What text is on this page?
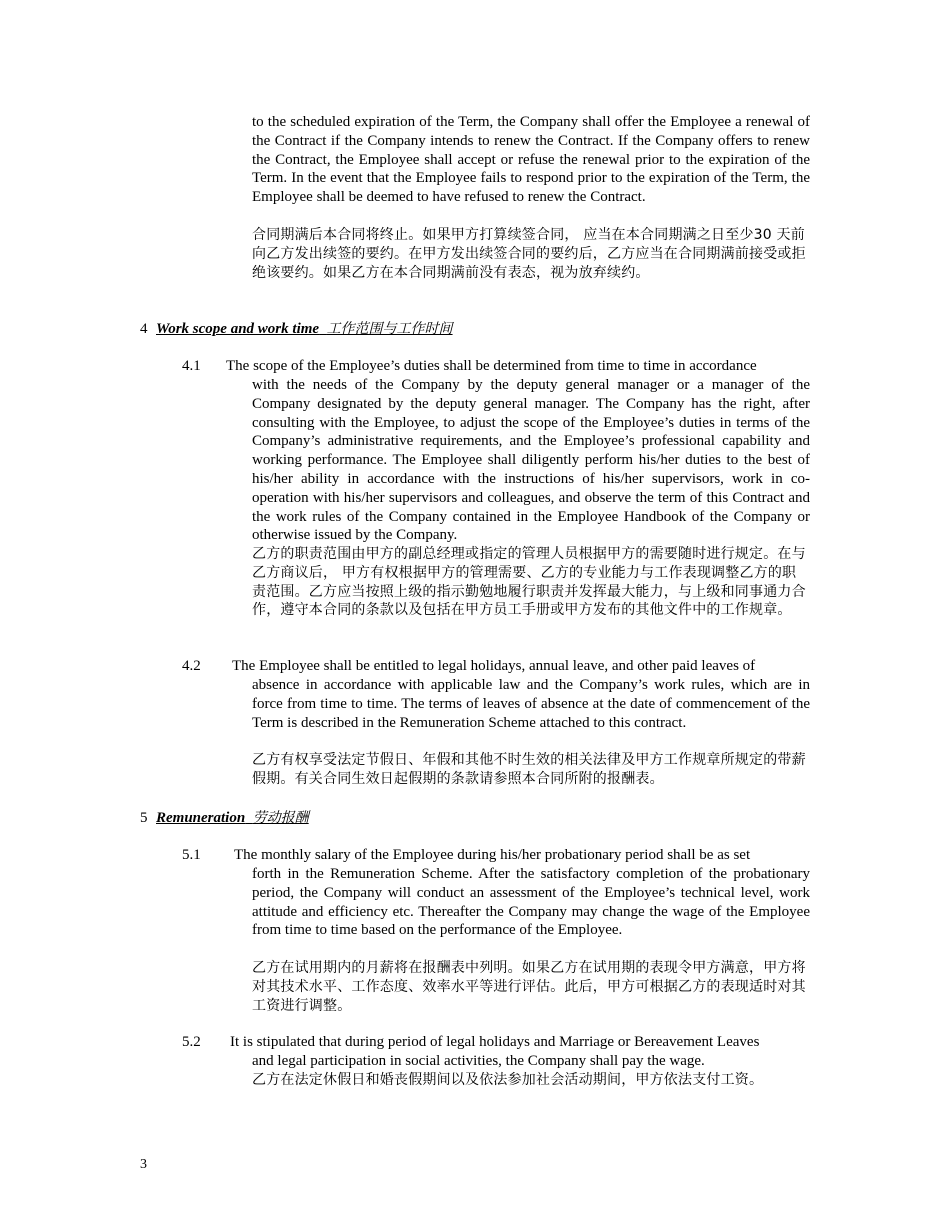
to the scheduled expiration of the Term, the Company shall offer the Employee a renewal of the Contract if the Company intends to renew the Contract. If the Company offers to renew the Contract, the Employee shall accept or refuse the renewal prior to the expiration of the Term. In the event that the Employee fails to respond prior to the expiration of the Term, the Employee shall be deemed to have refused to renew the Contract.
合同期满后本合同将终止。如果甲方打算续签合同， 应当在本合同期满之日至少30 天前向乙方发出续签的要约。在甲方发出续签合同的要约后，乙方应当在合同期满前接受或拒绝该要约。如果乙方在本合同期满前没有表态，视为放弃续约。
4 Work scope and work time 工作范围与工作时间
4.1 The scope of the Employee’s duties shall be determined from time to time in accordance
with the needs of the Company by the deputy general manager or a manager of the Company designated by the deputy general manager. The Company has the right, after consulting with the Employee, to adjust the scope of the Employee’s duties in terms of the Company’s administrative requirements, and the Employee’s professional capability and working performance. The Employee shall diligently perform his/her duties to the best of his/her ability in accordance with the instructions of his/her supervisors, work in co-operation with his/her supervisors and colleagues, and observe the term of this Contract and the work rules of the Company contained in the Employee Handbook of the Company or otherwise issued by the Company.
乙方的职责范围由甲方的副总经理或指定的管理人员根据甲方的需要随时进行规定。在与乙方商议后， 甲方有权根据甲方的管理需要、乙方的专业能力与工作表现调整乙方的职责范围。乙方应当按照上级的指示勤勉地履行职责并发挥最大能力，与上级和同事通力合作，遵守本合同的条款以及包括在甲方员工手册或甲方发布的其他文件中的工作规章。
4.2 The Employee shall be entitled to legal holidays, annual leave, and other paid leaves of
absence in accordance with applicable law and the Company’s work rules, which are in force from time to time. The terms of leaves of absence at the date of commencement of the Term is described in the Remuneration Scheme attached to this contract.
乙方有权享受法定节假日、年假和其他不时生效的相关法律及甲方工作规章所规定的带薪假期。有关合同生效日起假期的条款请参照本合同所附的报酬表。
5 Remuneration 劳动报酬
5.1 The monthly salary of the Employee during his/her probationary period shall be as set
forth in the Remuneration Scheme. After the satisfactory completion of the probationary period, the Company will conduct an assessment of the Employee’s technical level, work attitude and efficiency etc. Thereafter the Company may change the wage of the Employee from time to time based on the performance of the Employee.
乙方在试用期内的月薪将在报酬表中列明。如果乙方在试用期的表现令甲方满意，甲方将对其技术水平、工作态度、效率水平等进行评估。此后，甲方可根据乙方的表现适时对其工资进行调整。
5.2 It is stipulated that during period of legal holidays and Marriage or Bereavement Leaves
and legal participation in social activities, the Company shall pay the wage.
乙方在法定休假日和婚丧假期间以及依法参加社会活动期间，甲方依法支付工资。
3
